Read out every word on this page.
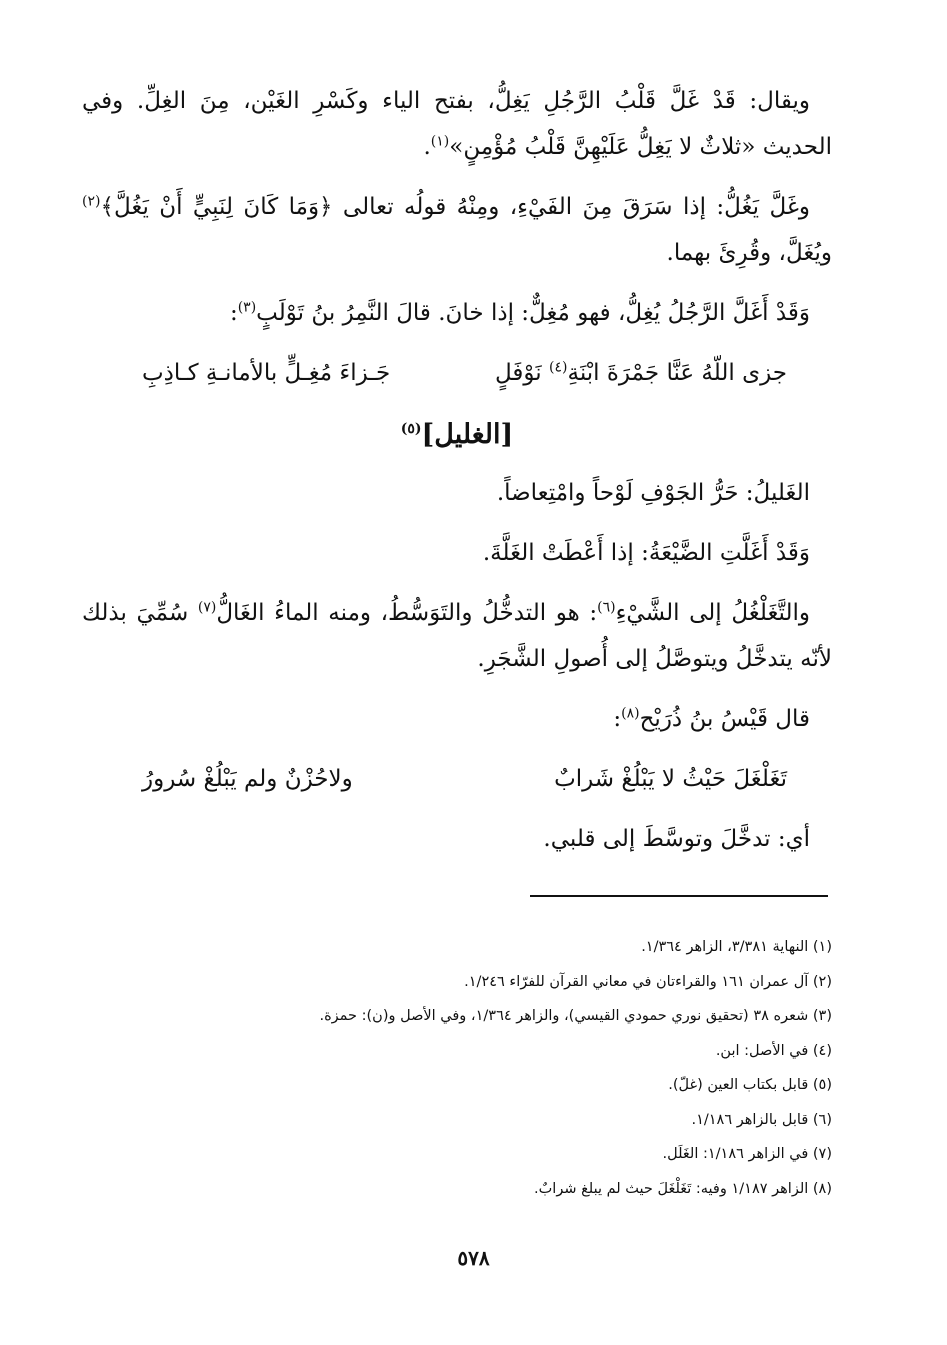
ويقال: قَدْ غَلَّ قَلْبُ الرَّجُلِ يَغِلُّ، بفتح الياء وكَسْرِ الغَيْن، مِنَ الغِلِّ. وفي الحديث «ثلاثٌ لا يَغِلُّ عَلَيْهِنَّ قَلْبُ مُؤْمِنٍ»$^{(١)}$.

وغَلَّ يَغُلُّ: إذا سَرَقَ مِنَ الفَيْءِ، ومِنْهُ قولُه تعالى ﴿وَمَا كَانَ لِنَبِيٍّ أَنْ يَغُلَّ﴾$^{(٢)}$ ويُغَلَّ، وقُرِئَ بهما.

وَقَدْ أَغَلَّ الرَّجُلُ يُغِلُّ، فهو مُغِلٌّ: إذا خانَ. قالَ النَّمِرُ بنُ تَوْلَبٍ$^{(٣)}$:

جزى اللّهُ عَنَّا جَمْرَةَ ابْنَةِ$^{(٤)}$ نَوْفَلٍ
جَـزاءَ مُغِـلٍّ بالأمانـةِ كـاذِبِ
[الغليل]$^{(٥)}$

الغَليلُ: حَرُّ الجَوْفِ لَوْحاً وامْتِعاضاً.

وَقَدْ أَغَلَّتِ الضَّيْعَةُ: إذا أَعْطَتْ الغَلَّةَ.

والتَّغَلْغُلُ إلى الشَّيْءِ$^{(٦)}$: هو التدخُّلُ والتَوَسُّطُ، ومنه الماءُ الغَالُّ$^{(٧)}$ سُمِّيَ بذلك لأنّه يتدخَّلُ ويتوصَّلُ إلى أُصولِ الشَّجَرِ.

قال قَيْسُ بنُ ذُرَيْح$^{(٨)}$:

تَغَلْغَلَ حَيْثُ لا يَبْلُغْ شَرابٌ
ولاحُزْنٌ ولم يَبْلُغْ سُرورُ

أي: تدخَّلَ وتوسَّطَ إلى قلبي.

(١) النهاية ٣/٣٨١، الزاهر ١/٣٦٤.

(٢) آل عمران ١٦١ والقراءتان في معاني القرآن للفرّاء ١/٢٤٦.

(٣) شعره ٣٨ (تحقيق نوري حمودي القيسي)، والزاهر ١/٣٦٤، وفي الأصل و(ن): حمزة.

(٤) في الأصل: ابن.

(٥) قابل بكتاب العين (غلّ).

(٦) قابل بالزاهر ١/١٨٦.

(٧) في الزاهر ١/١٨٦: الغَلَل.

(٨) الزاهر ١/١٨٧ وفيه: تَغَلْغَلَ حيث لم يبلغ شرابٌ.

٥٧٨
